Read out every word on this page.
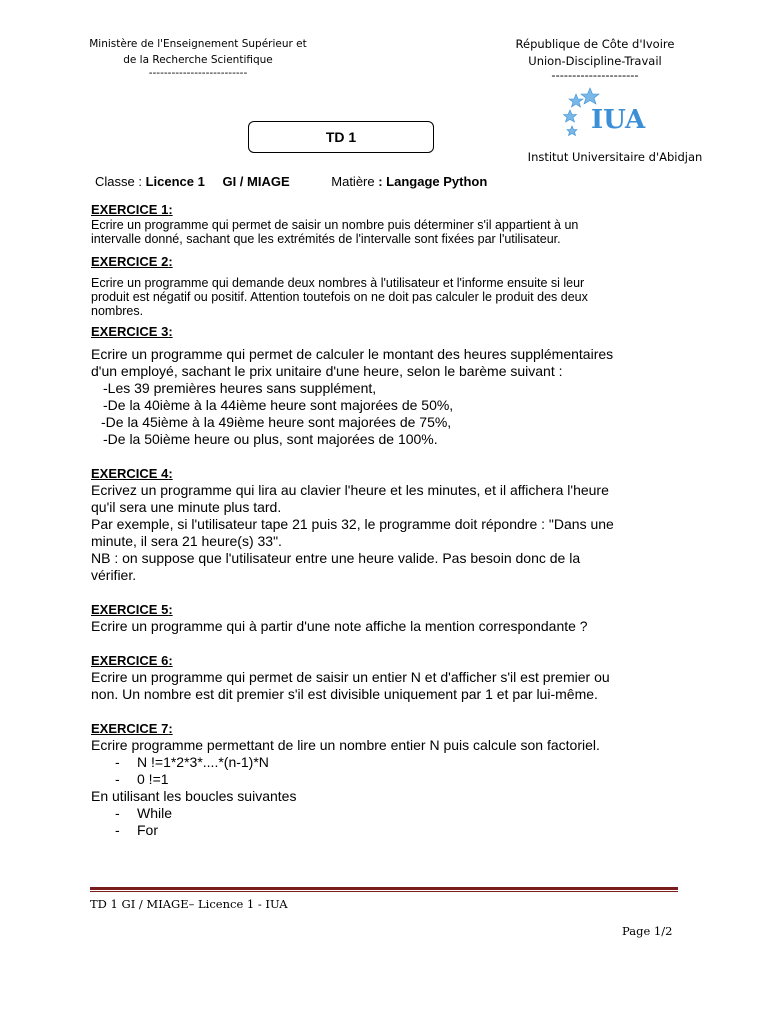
Ministère de l'Enseignement Supérieur et
de la Recherche Scientifique
--------------------------
République de Côte d'Ivoire
Union-Discipline-Travail
---------------------
IUA
Institut Universitaire d'Abidjan
TD 1
Classe : Licence 1 GI / MIAGE	Matière : Langage Python

EXERCICE 1:

Ecrire un programme qui permet de saisir un nombre puis déterminer s'il appartient à un

intervalle donné, sachant que les extrémités de l'intervalle sont fixées par l'utilisateur.

EXERCICE 2:

Ecrire un programme qui demande deux nombres à l'utilisateur et l'informe ensuite si leur

produit est négatif ou positif. Attention toutefois on ne doit pas calculer le produit des deux

nombres.

EXERCICE 3:

Ecrire un programme qui permet de calculer le montant des heures supplémentaires

d'un employé, sachant le prix unitaire d'une heure, selon le barème suivant :

-Les 39 premières heures sans supplément,

-De la 40ième à la 44ième heure sont majorées de 50%,

-De la 45ième à la 49ième heure sont majorées de 75%,

-De la 50ième heure ou plus, sont majorées de 100%.

EXERCICE 4:

Ecrivez un programme qui lira au clavier l'heure et les minutes, et il affichera l'heure

qu'il sera une minute plus tard.

Par exemple, si l'utilisateur tape 21 puis 32, le programme doit répondre : "Dans une

minute, il sera 21 heure(s) 33".

NB : on suppose que l'utilisateur entre une heure valide. Pas besoin donc de la

vérifier.

EXERCICE 5:

Ecrire un programme qui à partir d'une note affiche la mention correspondante ?

EXERCICE 6:

Ecrire un programme qui permet de saisir un entier N et d'afficher s'il est premier ou

non. Un nombre est dit premier s'il est divisible uniquement par 1 et par lui-même.

EXERCICE 7:

Ecrire programme permettant de lire un nombre entier N puis calcule son factoriel.

-	N !=1*2*3*....*(n-1)*N

-	0 !=1

En utilisant les boucles suivantes

-	While

-	For

TD 1 GI / MIAGE– Licence 1 - IUA
Page 1/2
